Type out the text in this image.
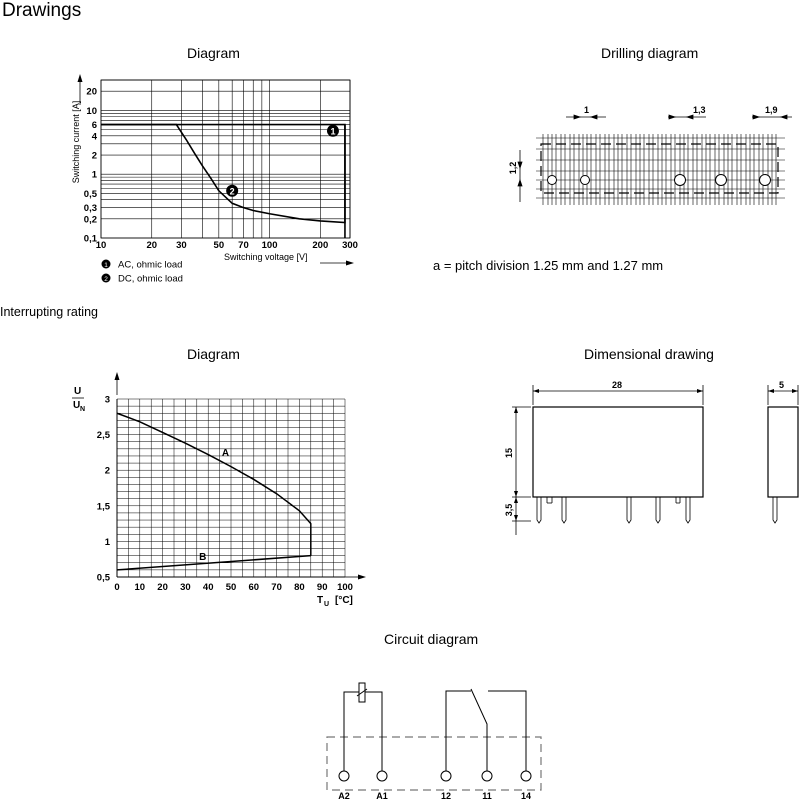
Drawings
Diagram	Drilling diagram
a = pitch division 1.25 mm and 1.27 mm
Interrupting rating
Diagram	Dimensional drawing
Circuit diagram
1
2
10	20 30	50 70 100	200 300
0,1
0,2
0,3
0,5
1
2
4
6
10
20
Switching current [A]
Switching voltage [V]
1 AC, ohmic load
2 DC, ohmic load
1	1,3	1,9
1,2
0 10 20 30 40 50 60 70 80 90 100
0,5
1
1,5
2
2,5
3
U
U N
T U [°C]
A
B
28	5
15
3,5
A2	A1	12	11	14
